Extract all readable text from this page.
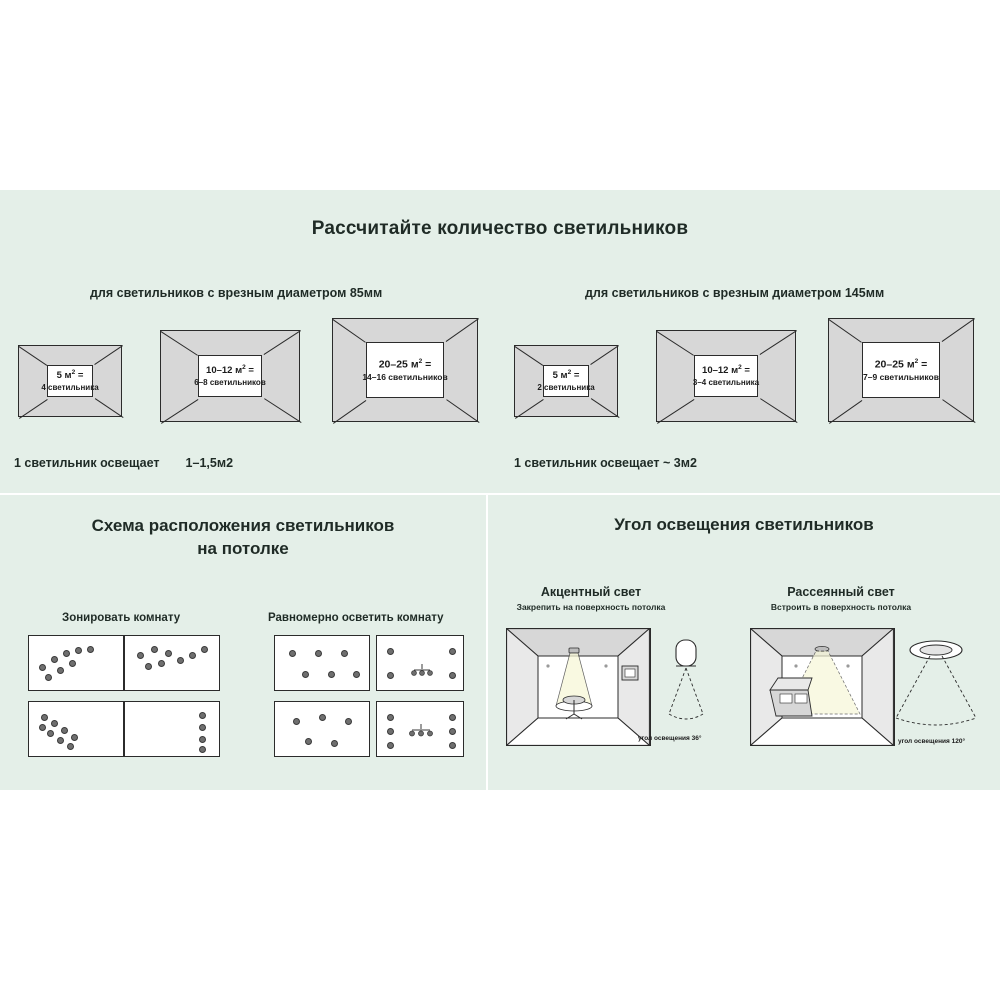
Рассчитайте количество светильников
для светильников с врезным диаметром 85мм	для светильников с врезным диаметром 145мм
5 $м^2$ =
4 светильника
10–12 $м^2$ =
6–8 светильников
20–25 $м^2$ =
14–16 светильников	5 $м^2$ =
2 светильника
10–12 $м^2$ =
3–4 светильника
20–25 $м^2$ =
7–9 светильников
1 светильник освещает 1–1,5м2	1 светильник освещает ~ 3м2
Схема расположения светильников
на потолке
Зонировать комнату	Равномерно осветить комнату
Угол освещения светильников
Акцентный свет
Закрепить на поверхность потолка
Рассеянный свет
Встроить в поверхность потолка
угол освещения 36°	угол освещения 120°
